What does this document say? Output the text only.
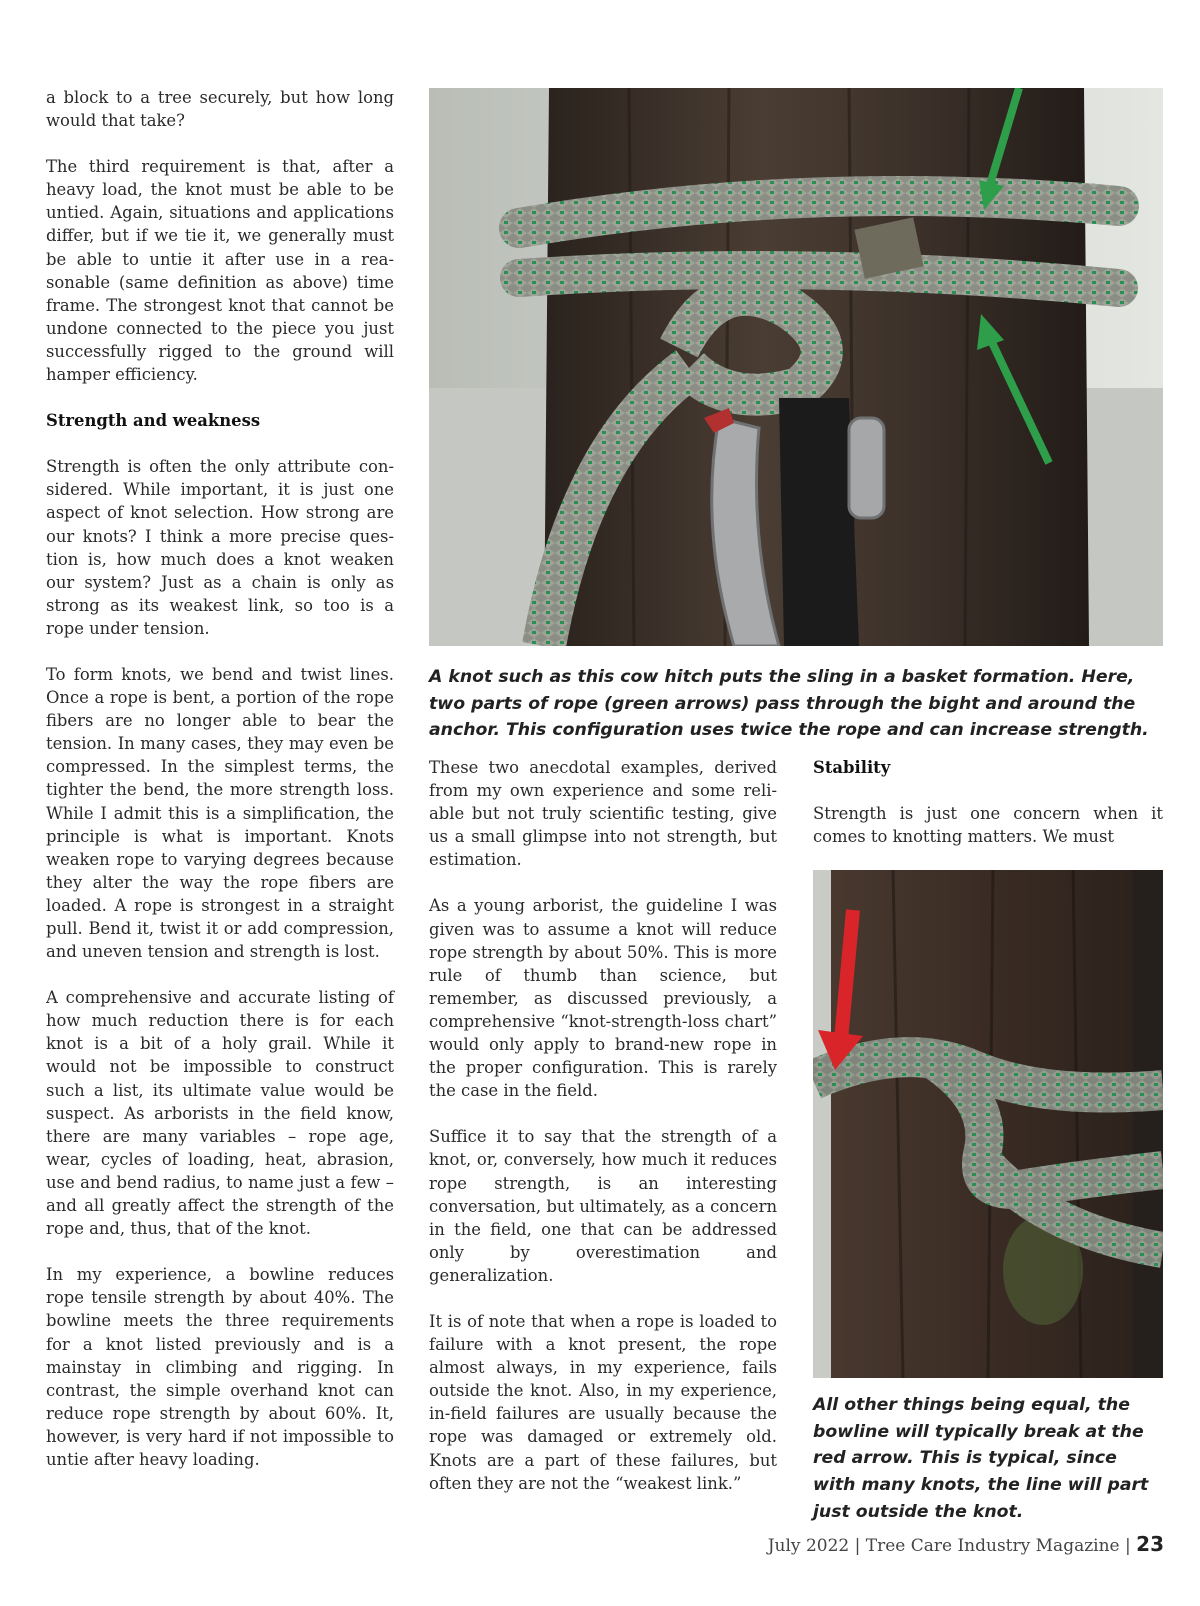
a block to a tree securely, but how long would that take?

The third requirement is that, after a heavy load, the knot must be able to be untied. Again, situations and applications differ, but if we tie it, we generally must be able to untie it after use in a reasonable (same definition as above) time frame. The strongest knot that cannot be undone connected to the piece you just successfully rigged to the ground will hamper efficiency.

Strength and weakness

Strength is often the only attribute considered. While important, it is just one aspect of knot selection. How strong are our knots? I think a more precise question is, how much does a knot weaken our system? Just as a chain is only as strong as its weakest link, so too is a rope under tension.

To form knots, we bend and twist lines. Once a rope is bent, a portion of the rope fibers are no longer able to bear the tension. In many cases, they may even be compressed. In the simplest terms, the tighter the bend, the more strength loss. While I admit this is a simplification, the principle is what is important. Knots weaken rope to varying degrees because they alter the way the rope fibers are loaded. A rope is strongest in a straight pull. Bend it, twist it or add compression, and uneven tension and strength is lost.

A comprehensive and accurate listing of how much reduction there is for each knot is a bit of a holy grail. While it would not be impossible to construct such a list, its ultimate value would be suspect. As arborists in the field know, there are many variables – rope age, wear, cycles of loading, heat, abrasion, use and bend radius, to name just a few – and all greatly affect the strength of the rope and, thus, that of the knot.

In my experience, a bowline reduces rope tensile strength by about 40%. The bowline meets the three requirements for a knot listed previously and is a mainstay in climbing and rigging. In contrast, the simple overhand knot can reduce rope strength by about 60%. It, however, is very hard if not impossible to untie after heavy loading.

A knot such as this cow hitch puts the sling in a basket formation. Here, two parts of rope (green arrows) pass through the bight and around the anchor. This configuration uses twice the rope and can increase strength.

These two anecdotal examples, derived from my own experience and some reliable but not truly scientific testing, give us a small glimpse into not strength, but estimation.

As a young arborist, the guideline I was given was to assume a knot will reduce rope strength by about 50%. This is more rule of thumb than science, but remember, as discussed previously, a comprehensive “knot-strength-loss chart” would only apply to brand-new rope in the proper configuration. This is rarely the case in the field.

Suffice it to say that the strength of a knot, or, conversely, how much it reduces rope strength, is an interesting conversation, but ultimately, as a concern in the field, one that can be addressed only by overestimation and generalization.

It is of note that when a rope is loaded to failure with a knot present, the rope almost always, in my experience, fails outside the knot. Also, in my experience, in-field failures are usually because the rope was damaged or extremely old. Knots are a part of these failures, but often they are not the “weakest link.”

Stability

Strength is just one concern when it comes to knotting matters. We must

All other things being equal, the bowline will typically break at the red arrow. This is typical, since with many knots, the line will part just outside the knot.
July 2022 | Tree Care Industry Magazine | 23
